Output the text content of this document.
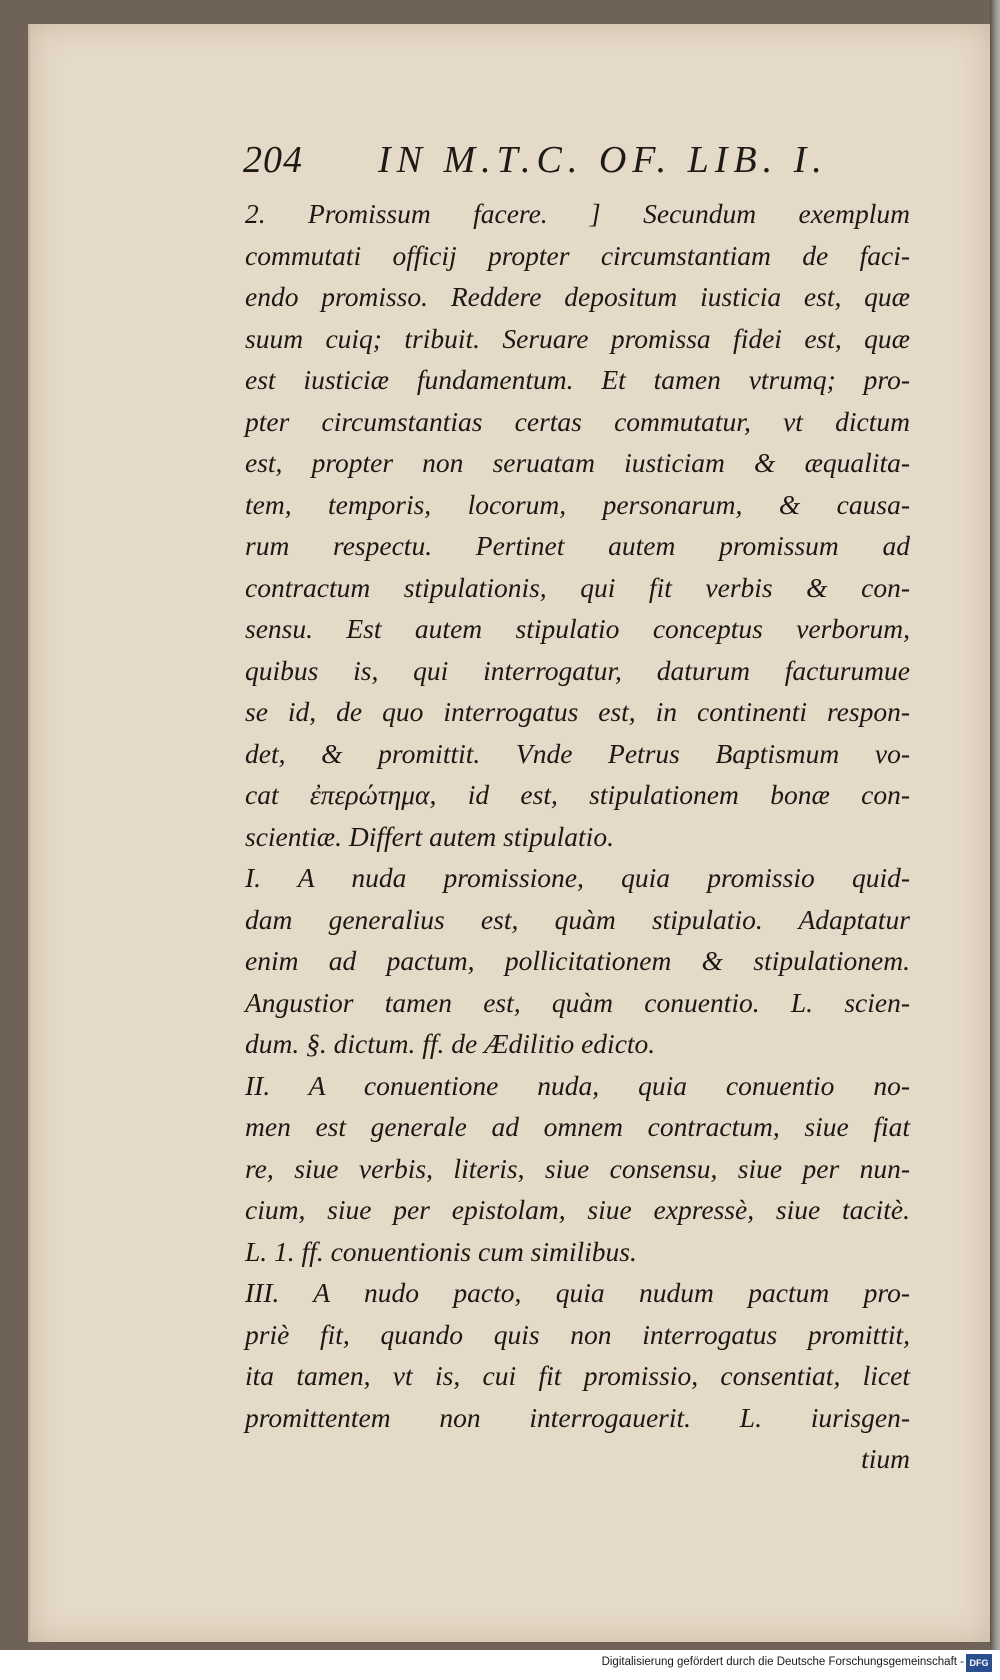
204 IN M.T.C. OF. LIB. I.
2. Promissum facere. ] Secundum exemplum
commutati officij propter circumstantiam de faci-
endo promisso. Reddere depositum iusticia est, quæ
suum cuiq; tribuit. Seruare promissa fidei est, quæ
est iusticiæ fundamentum. Et tamen vtrumq; pro-
pter circumstantias certas commutatur, vt dictum
est, propter non seruatam iusticiam & æqualita-
tem, temporis, locorum, personarum, & causa-
rum respectu. Pertinet autem promissum ad
contractum stipulationis, qui fit verbis & con-
sensu. Est autem stipulatio conceptus verborum,
quibus is, qui interrogatur, daturum facturumue
se id, de quo interrogatus est, in continenti respon-
det, & promittit. Vnde Petrus Baptismum vo-
cat ἐπερώτημα, id est, stipulationem bonæ con-
scientiæ. Differt autem stipulatio.
I. A nuda promissione, quia promissio quid-
dam generalius est, quàm stipulatio. Adaptatur
enim ad pactum, pollicitationem & stipulationem.
Angustior tamen est, quàm conuentio. L. scien-
dum. §. dictum. ff. de Ædilitio edicto.
II. A conuentione nuda, quia conuentio no-
men est generale ad omnem contractum, siue fiat
re, siue verbis, literis, siue consensu, siue per nun-
cium, siue per epistolam, siue expressè, siue tacitè.
L. 1. ff. conuentionis cum similibus.
III. A nudo pacto, quia nudum pactum pro-
priè fit, quando quis non interrogatus promittit,
ita tamen, vt is, cui fit promissio, consentiat, licet
promittentem non interrogauerit. L. iurisgen-
tium
Digitalisierung gefördert durch die Deutsche Forschungsgemeinschaft - DFG
